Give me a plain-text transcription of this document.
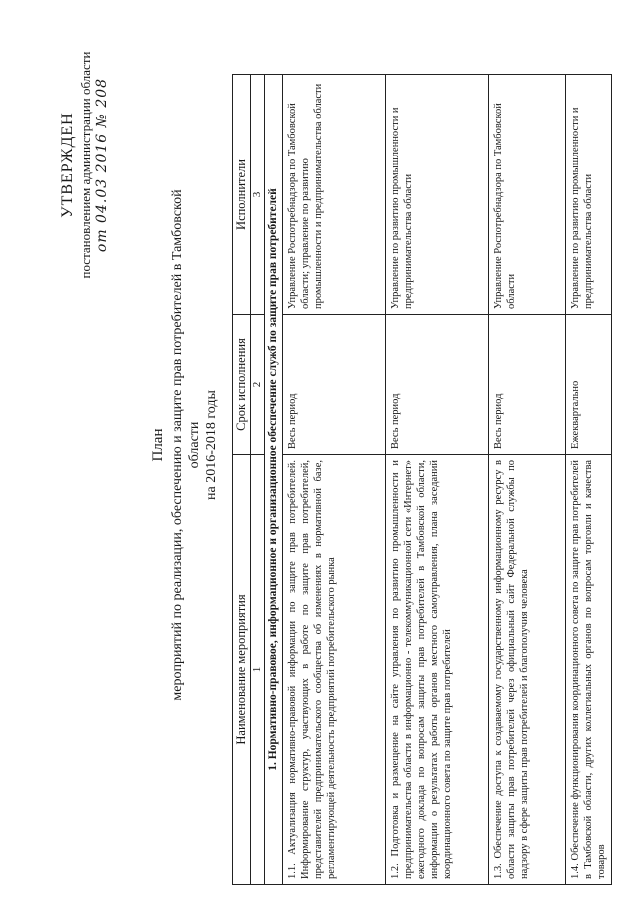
УТВЕРЖДЕН постановлением администрации области от 04.03 2016 № 208
План мероприятий по реализации, обеспечению и защите прав потребителей в Тамбовской области на 2016-2018 годы
Наименование мероприятия	Срок исполнения	Исполнители
1	2	3
1. Нормативно-правовое, информационное и организационное обеспечение служб по защите прав потребителей		
1.1. Актуализация нормативно-правовой информации по защите прав потребителей. Информирование структур, участвующих в работе по защите прав потребителей, представителей предпринимательского сообщества об изменениях в нормативной базе, регламентирующей деятельность предприятий потребительского рынка	Весь период	Управление Роспотребнадзора по Тамбовской области; управление по развитию промышленности и предпринимательства области
1.2. Подготовка и размещение на сайте управления по развитию промышленности и предпринимательства области в информационно - телекоммуникационной сети «Интернет» ежегодного доклада по вопросам защиты прав потребителей в Тамбовской области, информации о результатах работы органов местного самоуправления, плана заседаний координационного совета по защите прав потребителей	Весь период	Управление по развитию промышленности и предпринимательства области
1.3. Обеспечение доступа к создаваемому государственному информационному ресурсу в области защиты прав потребителей через официальный сайт Федеральной службы по надзору в сфере защиты прав потребителей и благополучия человека	Весь период	Управление Роспотребнадзора по Тамбовской области
1.4. Обеспечение функционирования координационного совета по защите прав потребителей в Тамбовской области, других коллегиальных органов по вопросам торговли и качества товаров	Ежеквартально	Управление по развитию промышленности и предпринимательства области
